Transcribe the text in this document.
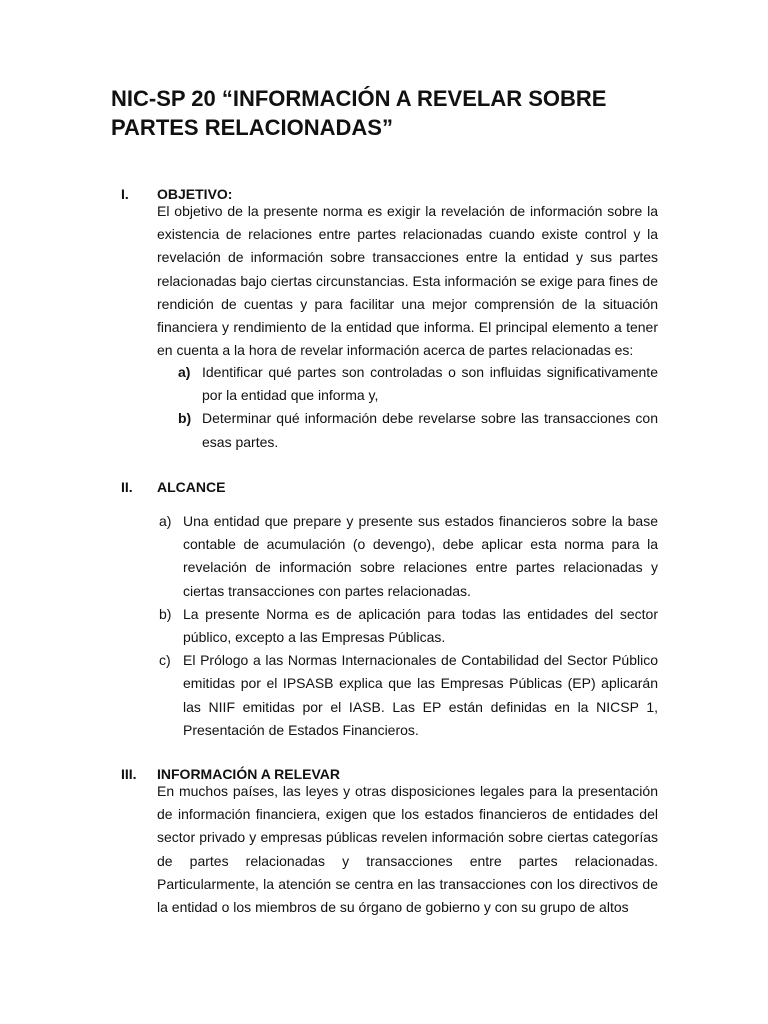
NIC-SP 20 “INFORMACIÓN A REVELAR SOBRE PARTES RELACIONADAS”
I. OBJETIVO:

El objetivo de la presente norma es exigir la revelación de información sobre la existencia de relaciones entre partes relacionadas cuando existe control y la revelación de información sobre transacciones entre la entidad y sus partes relacionadas bajo ciertas circunstancias. Esta información se exige para fines de rendición de cuentas y para facilitar una mejor comprensión de la situación financiera y rendimiento de la entidad que informa. El principal elemento a tener en cuenta a la hora de revelar información acerca de partes relacionadas es:

a) Identificar qué partes son controladas o son influidas significativamente por la entidad que informa y,
b) Determinar qué información debe revelarse sobre las transacciones con esas partes.
II. ALCANCE
a) Una entidad que prepare y presente sus estados financieros sobre la base contable de acumulación (o devengo), debe aplicar esta norma para la revelación de información sobre relaciones entre partes relacionadas y ciertas transacciones con partes relacionadas.
b) La presente Norma es de aplicación para todas las entidades del sector público, excepto a las Empresas Públicas.
c) El Prólogo a las Normas Internacionales de Contabilidad del Sector Público emitidas por el IPSASB explica que las Empresas Públicas (EP) aplicarán las NIIF emitidas por el IASB. Las EP están definidas en la NICSP 1, Presentación de Estados Financieros.
III. INFORMACIÓN A RELEVAR

En muchos países, las leyes y otras disposiciones legales para la presentación de información financiera, exigen que los estados financieros de entidades del sector privado y empresas públicas revelen información sobre ciertas categorías de partes relacionadas y transacciones entre partes relacionadas. Particularmente, la atención se centra en las transacciones con los directivos de la entidad o los miembros de su órgano de gobierno y con su grupo de altos
